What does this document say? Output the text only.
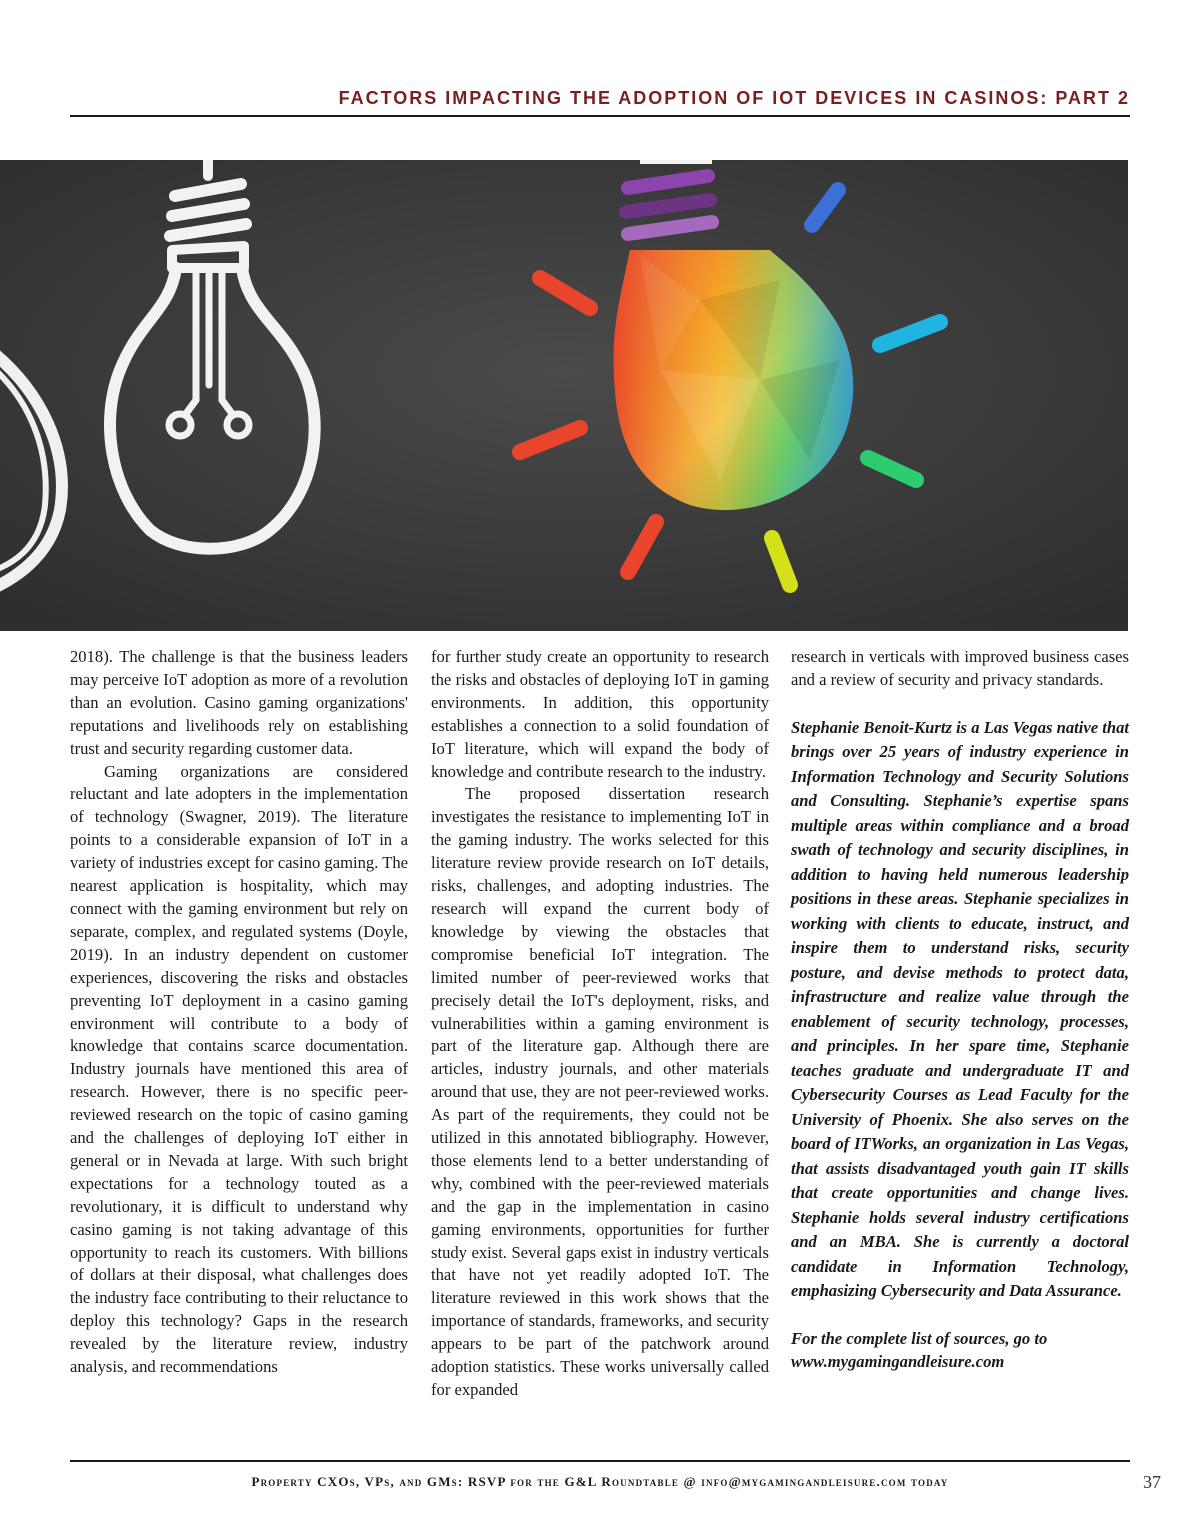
FACTORS IMPACTING THE ADOPTION OF IOT DEVICES IN CASINOS: PART 2

2018). The challenge is that the business leaders may perceive IoT adoption as more of a revolution than an evolution. Casino gaming organizations' reputations and livelihoods rely on establishing trust and security regarding customer data.

Gaming organizations are considered reluctant and late adopters in the implementation of technology (Swagner, 2019). The literature points to a considerable expansion of IoT in a variety of industries except for casino gaming. The nearest application is hospitality, which may connect with the gaming environment but rely on separate, complex, and regulated systems (Doyle, 2019). In an industry dependent on customer experiences, discovering the risks and obstacles preventing IoT deployment in a casino gaming environment will contribute to a body of knowledge that contains scarce documentation. Industry journals have mentioned this area of research. However, there is no specific peer-reviewed research on the topic of casino gaming and the challenges of deploying IoT either in general or in Nevada at large. With such bright expectations for a technology touted as a revolutionary, it is difficult to understand why casino gaming is not taking advantage of this opportunity to reach its customers. With billions of dollars at their disposal, what challenges does the industry face contributing to their reluctance to deploy this technology? Gaps in the research revealed by the literature review, industry analysis, and recommendations

for further study create an opportunity to research the risks and obstacles of deploying IoT in gaming environments. In addition, this opportunity establishes a connection to a solid foundation of IoT literature, which will expand the body of knowledge and contribute research to the industry.

The proposed dissertation research investigates the resistance to implementing IoT in the gaming industry. The works selected for this literature review provide research on IoT details, risks, challenges, and adopting industries. The research will expand the current body of knowledge by viewing the obstacles that compromise beneficial IoT integration. The limited number of peer-reviewed works that precisely detail the IoT's deployment, risks, and vulnerabilities within a gaming environment is part of the literature gap. Although there are articles, industry journals, and other materials around that use, they are not peer-reviewed works. As part of the requirements, they could not be utilized in this annotated bibliography. However, those elements lend to a better understanding of why, combined with the peer-reviewed materials and the gap in the implementation in casino gaming environments, opportunities for further study exist. Several gaps exist in industry verticals that have not yet readily adopted IoT. The literature reviewed in this work shows that the importance of standards, frameworks, and security appears to be part of the patchwork around adoption statistics. These works universally called for expanded

research in verticals with improved business cases and a review of security and privacy standards.

Stephanie Benoit-Kurtz is a Las Vegas native that brings over 25 years of industry experience in Information Technology and Security Solutions and Consulting. Stephanie’s expertise spans multiple areas within compliance and a broad swath of technology and security disciplines, in addition to having held numerous leadership positions in these areas. Stephanie specializes in working with clients to educate, instruct, and inspire them to understand risks, security posture, and devise methods to protect data, infrastructure and realize value through the enablement of security technology, processes, and principles. In her spare time, Stephanie teaches graduate and undergraduate IT and Cybersecurity Courses as Lead Faculty for the University of Phoenix. She also serves on the board of ITWorks, an organization in Las Vegas, that assists disadvantaged youth gain IT skills that create opportunities and change lives. Stephanie holds several industry certifications and an MBA. She is currently a doctoral candidate in Information Technology, emphasizing Cybersecurity and Data Assurance.

For the complete list of sources, go to www.mygamingandleisure.com

Property CXOs, VPs, and GMs: RSVP for the G&L Roundtable @ info@mygamingandleisure.com today	37
